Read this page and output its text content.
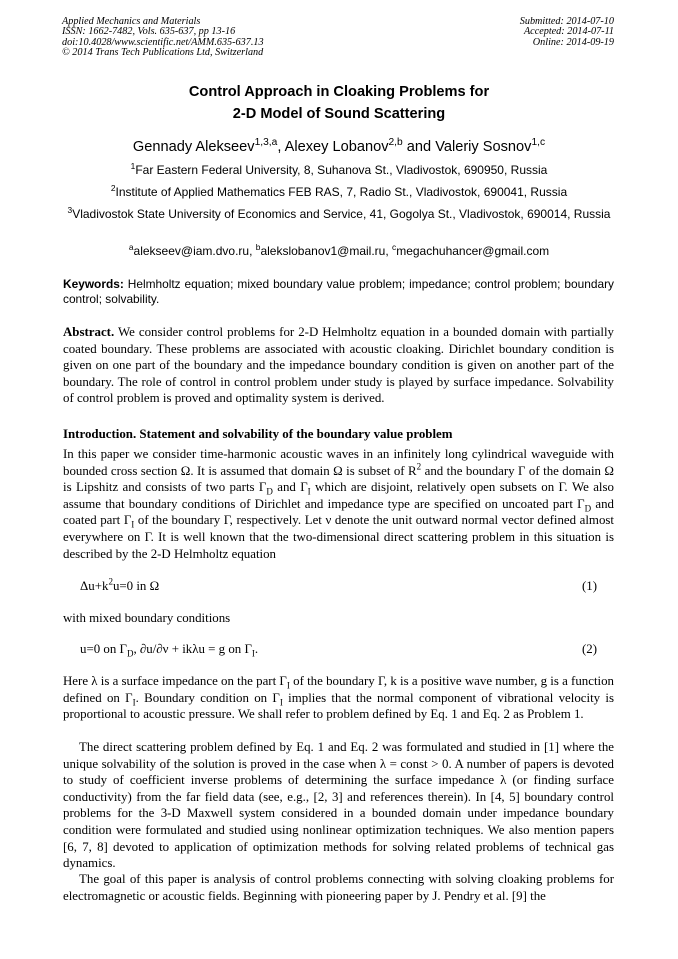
Applied Mechanics and Materials
ISSN: 1662-7482, Vols. 635-637, pp 13-16
doi:10.4028/www.scientific.net/AMM.635-637.13
© 2014 Trans Tech Publications Ltd, Switzerland
Submitted: 2014-07-10
Accepted: 2014-07-11
Online: 2014-09-19
Control Approach in Cloaking Problems for
2-D Model of Sound Scattering
Gennady Alekseev$^{1,3,a}$, Alexey Lobanov$^{2,b}$ and Valeriy Sosnov$^{1,c}$
$^1$Far Eastern Federal University, 8, Suhanova St., Vladivostok, 690950, Russia
$^2$Institute of Applied Mathematics FEB RAS, 7, Radio St., Vladivostok, 690041, Russia
$^3$Vladivostok State University of Economics and Service, 41, Gogolya St., Vladivostok, 690014, Russia
$^a$alekseev@iam.dvo.ru, $^b$alekslobanov1@mail.ru, $^c$megachuhancer@gmail.com
Keywords: Helmholtz equation; mixed boundary value problem; impedance; control problem; boundary control; solvability.
Abstract. We consider control problems for 2-D Helmholtz equation in a bounded domain with partially coated boundary. These problems are associated with acoustic cloaking. Dirichlet boundary condition is given on one part of the boundary and the impedance boundary condition is given on another part of the boundary. The role of control in control problem under study is played by surface impedance. Solvability of control problem is proved and optimality system is derived.
Introduction. Statement and solvability of the boundary value problem
In this paper we consider time-harmonic acoustic waves in an infinitely long cylindrical waveguide with bounded cross section Ω. It is assumed that domain Ω is subset of $R^2$ and the boundary Γ of the domain Ω is Lipshitz and consists of two parts $\Gamma_D$ and $\Gamma_I$ which are disjoint, relatively open subsets on Γ. We also assume that boundary conditions of Dirichlet and impedance type are specified on uncoated part $\Gamma_D$ and coated part $\Gamma_I$ of the boundary Γ, respectively. Let ν denote the unit outward normal vector defined almost everywhere on Γ. It is well known that the two-dimensional direct scattering problem in this situation is described by the 2-D Helmholtz equation
$\Delta u+k^2u=0$ in Ω	(1)
with mixed boundary conditions
u=0 on $\Gamma_D$, ∂u/∂ν + ikλu = g on $\Gamma_I$.	(2)
Here λ is a surface impedance on the part $\Gamma_I$ of the boundary Γ, k is a positive wave number, g is a function defined on $\Gamma_I$. Boundary condition on $\Gamma_I$ implies that the normal component of vibrational velocity is proportional to acoustic pressure. We shall refer to problem defined by Eq. 1 and Eq. 2 as Problem 1.
The direct scattering problem defined by Eq. 1 and Eq. 2 was formulated and studied in [1] where the unique solvability of the solution is proved in the case when λ = const > 0. A number of papers is devoted to study of coefficient inverse problems of determining the surface impedance λ (or finding surface conductivity) from the far field data (see, e.g., [2, 3] and references therein). In [4, 5] boundary control problems for the 3-D Maxwell system considered in a bounded domain under impedance boundary condition were formulated and studied using nonlinear optimization techniques. We also mention papers [6, 7, 8] devoted to application of optimization methods for solving related problems of technical gas dynamics.
The goal of this paper is analysis of control problems connecting with solving cloaking problems for electromagnetic or acoustic fields. Beginning with pioneering paper by J. Pendry et al. [9] the
